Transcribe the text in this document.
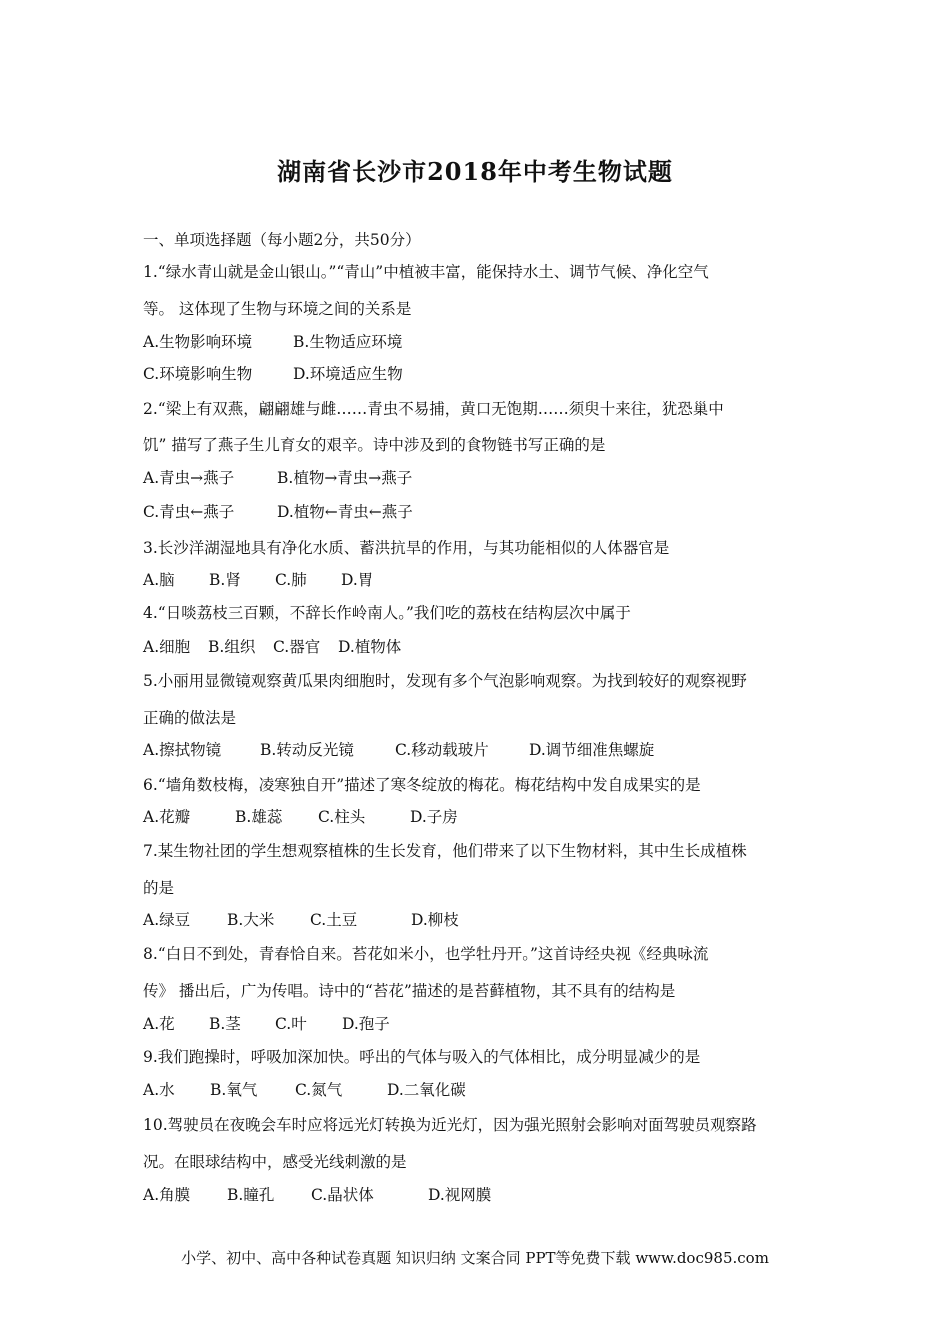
湖南省长沙市2018年中考生物试题
一、单项选择题（每小题2分，共50分）
1.“绿水青山就是金山银山。”“青山”中植被丰富，能保持水土、调节气候、净化空气
等。 这体现了生物与环境之间的关系是
A.生物影响环境	B.生物适应环境
C.环境影响生物	D.环境适应生物
2.“梁上有双燕，翩翩雄与雌……青虫不易捕，黄口无饱期……须臾十来往，犹恐巢中
饥” 描写了燕子生儿育女的艰辛。诗中涉及到的食物链书写正确的是
A.青虫→燕子	B.植物→青虫→燕子
C.青虫←燕子	D.植物←青虫←燕子
3.长沙洋湖湿地具有净化水质、蓄洪抗旱的作用，与其功能相似的人体器官是
A.脑 B.肾 C.肺 D.胃
4.“日啖荔枝三百颗，不辞长作岭南人。”我们吃的荔枝在结构层次中属于
A.细胞 B.组织 C.器官 D.植物体
5.小丽用显微镜观察黄瓜果肉细胞时，发现有多个气泡影响观察。为找到较好的观察视野
正确的做法是
A.擦拭物镜	B.转动反光镜	C.移动载玻片	D.调节细准焦螺旋
6.“墙角数枝梅，凌寒独自开”描述了寒冬绽放的梅花。梅花结构中发自成果实的是
A.花瓣	B.雄蕊 C.柱头	D.子房
7.某生物社团的学生想观察植株的生长发育，他们带来了以下生物材料，其中生长成植株
的是
A.绿豆 B.大米 C.土豆	D.柳枝
8.“白日不到处，青春恰自来。苔花如米小，也学牡丹开。”这首诗经央视《经典咏流
传》 播出后，广为传唱。诗中的“苔花”描述的是苔藓植物，其不具有的结构是
A.花 B.茎 C.叶 D.孢子
9.我们跑操时，呼吸加深加快。呼出的气体与吸入的气体相比，成分明显减少的是
A.水 B.氧气 C.氮气	D.二氧化碳
10.驾驶员在夜晚会车时应将远光灯转换为近光灯，因为强光照射会影响对面驾驶员观察路
况。在眼球结构中，感受光线刺激的是
A.角膜 B.瞳孔 C.晶状体	D.视网膜
小学、初中、高中各种试卷真题 知识归纳 文案合同 PPT等免费下载 www.doc985.com
